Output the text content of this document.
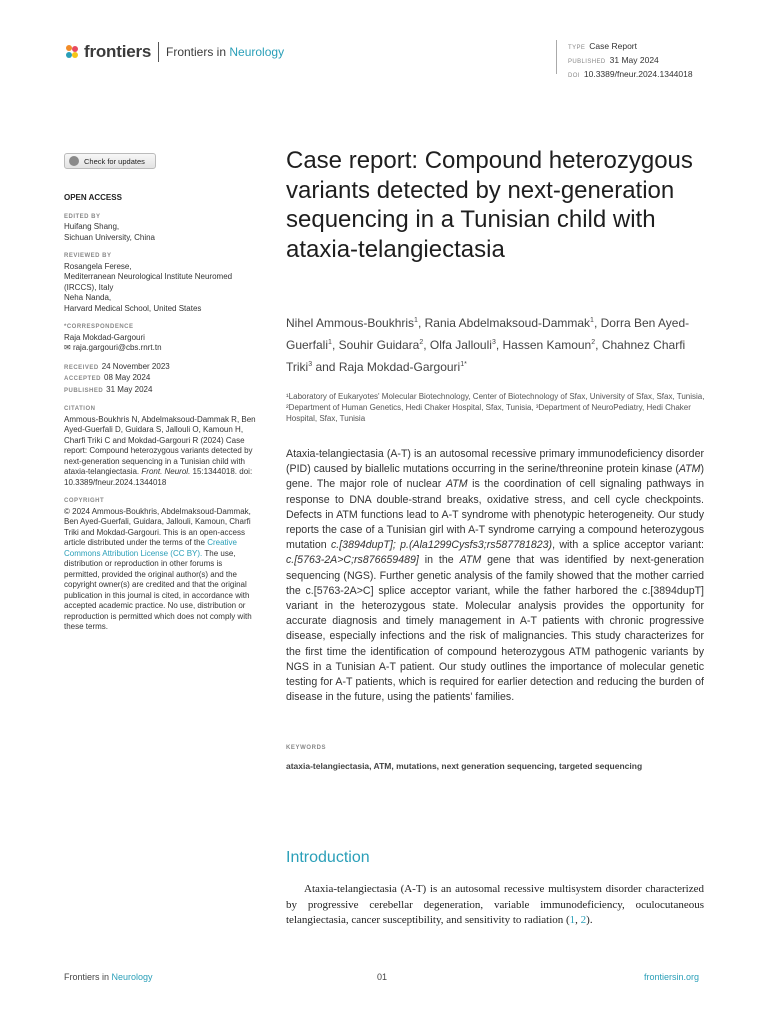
frontiers Frontiers in Neurology	TYPE Case Report
PUBLISHED 31 May 2024
DOI 10.3389/fneur.2024.1344018
Check for updates
OPEN ACCESS
EDITED BY
Huifang Shang,
Sichuan University, China
REVIEWED BY
Rosangela Ferese,
Mediterranean Neurological Institute Neuromed (IRCCS), Italy
Neha Nanda,
Harvard Medical School, United States
*CORRESPONDENCE
Raja Mokdad-Gargouri
✉ raja.gargouri@cbs.rnrt.tn
RECEIVED 24 November 2023
ACCEPTED 08 May 2024
PUBLISHED 31 May 2024
CITATION
Ammous-Boukhris N, Abdelmaksoud-Dammak R, Ben Ayed-Guerfali D, Guidara S, Jallouli O, Kamoun H, Charfi Triki C and Mokdad-Gargouri R (2024) Case report: Compound heterozygous variants detected by next-generation sequencing in a Tunisian child with ataxia-telangiectasia. Front. Neurol. 15:1344018. doi: 10.3389/fneur.2024.1344018
COPYRIGHT
© 2024 Ammous-Boukhris, Abdelmaksoud-Dammak, Ben Ayed-Guerfali, Guidara, Jallouli, Kamoun, Charfi Triki and Mokdad-Gargouri. This is an open-access article distributed under the terms of the Creative Commons Attribution License (CC BY). The use, distribution or reproduction in other forums is permitted, provided the original author(s) and the copyright owner(s) are credited and that the original publication in this journal is cited, in accordance with accepted academic practice. No use, distribution or reproduction is permitted which does not comply with these terms.
Case report: Compound heterozygous variants detected by next-generation sequencing in a Tunisian child with ataxia-telangiectasia
Nihel Ammous-Boukhris$^1$, Rania Abdelmaksoud-Dammak$^1$, Dorra Ben Ayed-Guerfali$^1$, Souhir Guidara$^2$, Olfa Jallouli$^3$, Hassen Kamoun$^2$, Chahnez Charfi Triki$^3$ and Raja Mokdad-Gargouri$^{1*}$
¹Laboratory of Eukaryotes' Molecular Biotechnology, Center of Biotechnology of Sfax, University of Sfax, Sfax, Tunisia, ²Department of Human Genetics, Hedi Chaker Hospital, Sfax, Tunisia, ³Department of NeuroPediatry, Hedi Chaker Hospital, Sfax, Tunisia
Ataxia-telangiectasia (A-T) is an autosomal recessive primary immunodeficiency disorder (PID) caused by biallelic mutations occurring in the serine/threonine protein kinase (ATM) gene. The major role of nuclear ATM is the coordination of cell signaling pathways in response to DNA double-strand breaks, oxidative stress, and cell cycle checkpoints. Defects in ATM functions lead to A-T syndrome with phenotypic heterogeneity. Our study reports the case of a Tunisian girl with A-T syndrome carrying a compound heterozygous mutation c.[3894dupT]; p.(Ala1299Cysfs3;rs587781823), with a splice acceptor variant: c.[5763-2A>C;rs876659489] in the ATM gene that was identified by next-generation sequencing (NGS). Further genetic analysis of the family showed that the mother carried the c.[5763-2A>C] splice acceptor variant, while the father harbored the c.[3894dupT] variant in the heterozygous state. Molecular analysis provides the opportunity for accurate diagnosis and timely management in A-T patients with chronic progressive disease, especially infections and the risk of malignancies. This study characterizes for the first time the identification of compound heterozygous ATM pathogenic variants by NGS in a Tunisian A-T patient. Our study outlines the importance of molecular genetic testing for A-T patients, which is required for earlier detection and reducing the burden of disease in the future, using the patients' families.
KEYWORDS
ataxia-telangiectasia, ATM, mutations, next generation sequencing, targeted sequencing
Introduction
Ataxia-telangiectasia (A-T) is an autosomal recessive multisystem disorder characterized by progressive cerebellar degeneration, variable immunodeficiency, oculocutaneous telangiectasia, cancer susceptibility, and sensitivity to radiation (1, 2).
Frontiers in Neurology	01	frontiersin.org
